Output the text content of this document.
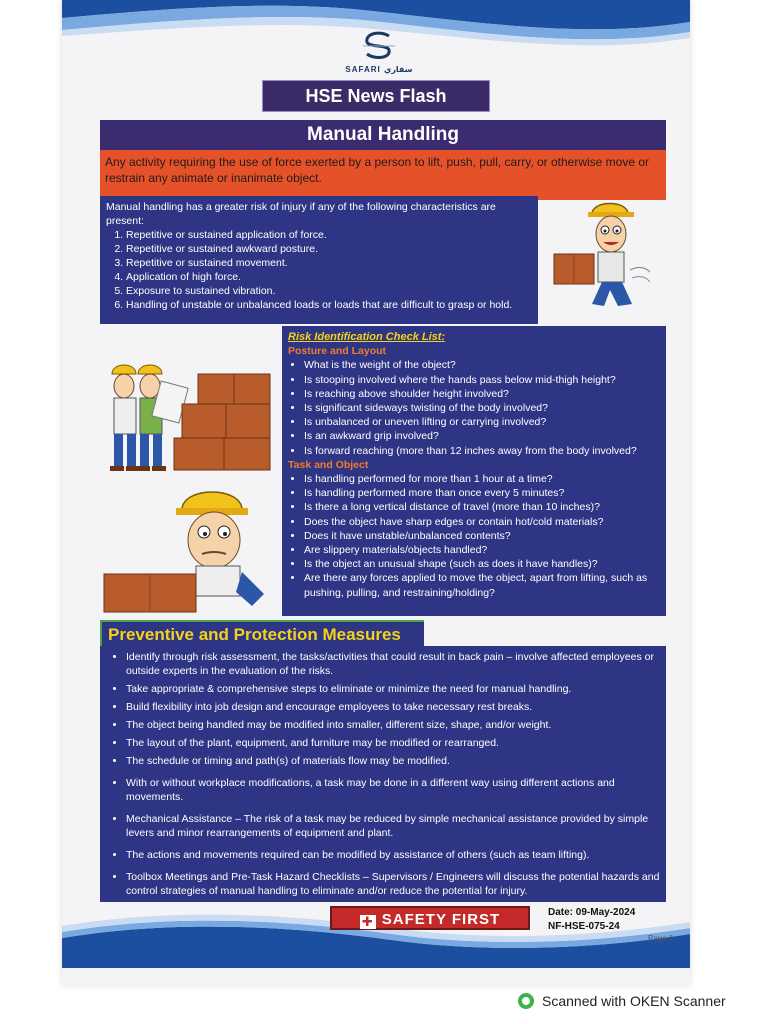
SAFARI سفاري
HSE News Flash
Manual Handling
Any activity requiring the use of force exerted by a person to lift, push, pull, carry, or otherwise move or restrain any animate or inanimate object.
Manual handling has a greater risk of injury if any of the following characteristics are present:
1. Repetitive or sustained application of force.
2. Repetitive or sustained awkward posture.
3. Repetitive or sustained movement.
4. Application of high force.
5. Exposure to sustained vibration.
6. Handling of unstable or unbalanced loads or loads that are difficult to grasp or hold.
Risk Identification Check List:
Posture and Layout
• What is the weight of the object?
• Is stooping involved where the hands pass below mid-thigh height?
• Is reaching above shoulder height involved?
• Is significant sideways twisting of the body involved?
• Is unbalanced or uneven lifting or carrying involved?
• Is an awkward grip involved?
• Is forward reaching (more than 12 inches away from the body involved?
Task and Object
• Is handling performed for more than 1 hour at a time?
• Is handling performed more than once every 5 minutes?
• Is there a long vertical distance of travel (more than 10 inches)?
• Does the object have sharp edges or contain hot/cold materials?
• Does it have unstable/unbalanced contents?
• Are slippery materials/objects handled?
• Is the object an unusual shape (such as does it have handles)?
• Are there any forces applied to move the object, apart from lifting, such as pushing, pulling, and restraining/holding?
Preventive and Protection Measures
• Identify through risk assessment, the tasks/activities that could result in back pain – involve affected employees or outside experts in the evaluation of the risks.
• Take appropriate & comprehensive steps to eliminate or minimize the need for manual handling.
• Build flexibility into job design and encourage employees to take necessary rest breaks.
• The object being handled may be modified into smaller, different size, shape, and/or weight.
• The layout of the plant, equipment, and furniture may be modified or rearranged.
• The schedule or timing and path(s) of materials flow may be modified.
• With or without workplace modifications, a task may be done in a different way using different actions and movements.
• Mechanical Assistance – The risk of a task may be reduced by simple mechanical assistance provided by simple levers and minor rearrangements of equipment and plant.
• The actions and movements required can be modified by assistance of others (such as team lifting).
• Toolbox Meetings and Pre-Task Hazard Checklists – Supervisors / Engineers will discuss the potential hazards and control strategies of manual handling to eliminate and/or reduce the potential for injury.
✚ SAFETY FIRST	Date: 09-May-2024
NF-HSE-075-24
Page 1
Scanned with OKEN Scanner
